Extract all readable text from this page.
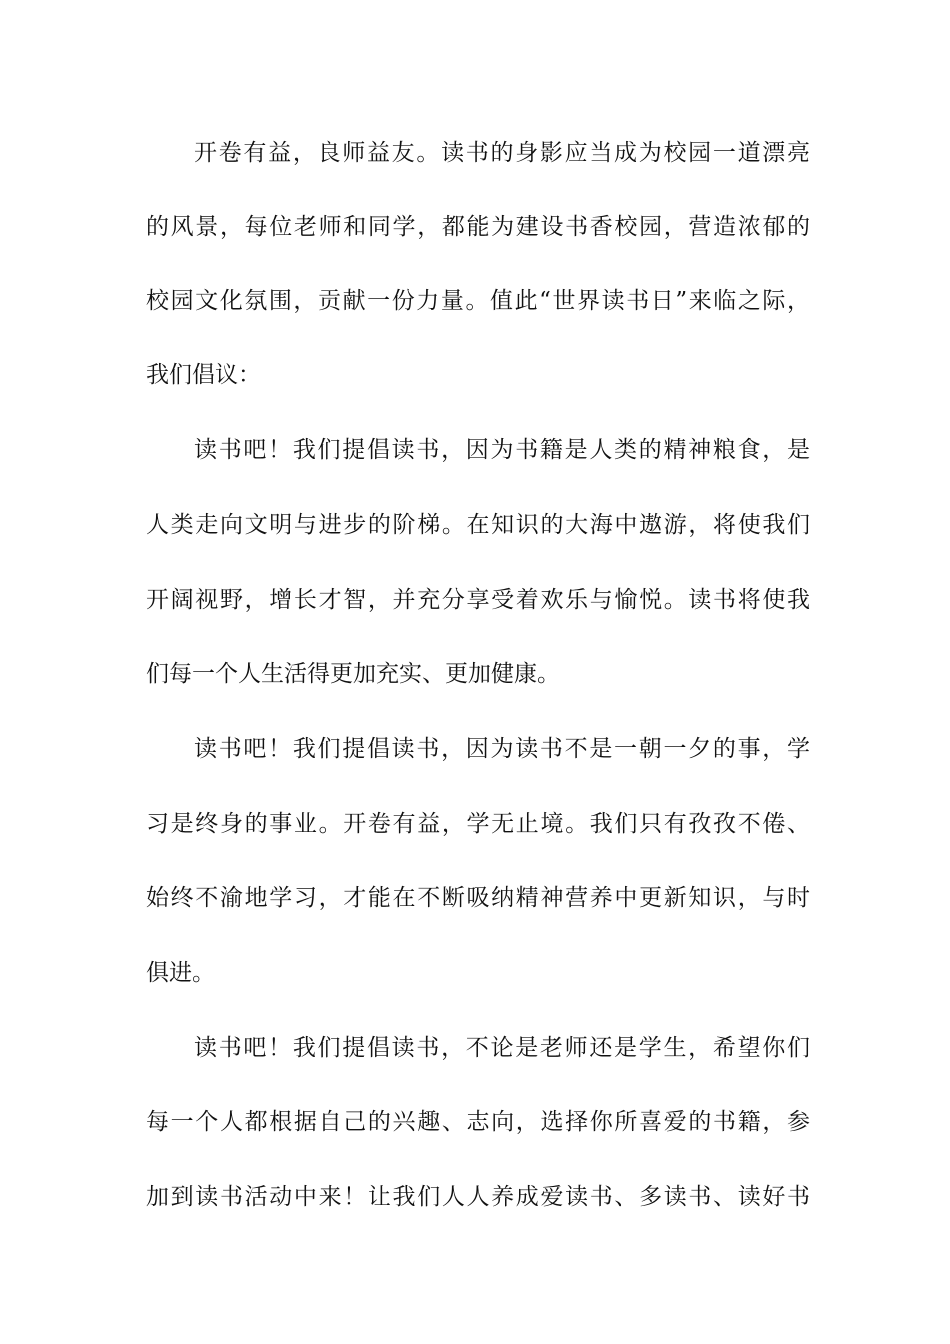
开卷有益，良师益友。读书的身影应当成为校园一道漂亮
的风景，每位老师和同学，都能为建设书香校园，营造浓郁的
校园文化氛围，贡献一份力量。值此“世界读书日”来临之际，
我们倡议：
读书吧！我们提倡读书，因为书籍是人类的精神粮食，是
人类走向文明与进步的阶梯。在知识的大海中遨游，将使我们
开阔视野，增长才智，并充分享受着欢乐与愉悦。读书将使我
们每一个人生活得更加充实、更加健康。
读书吧！我们提倡读书，因为读书不是一朝一夕的事，学
习是终身的事业。开卷有益，学无止境。我们只有孜孜不倦、
始终不渝地学习，才能在不断吸纳精神营养中更新知识，与时
俱进。
读书吧！我们提倡读书，不论是老师还是学生，希望你们
每一个人都根据自己的兴趣、志向，选择你所喜爱的书籍，参
加到读书活动中来！让我们人人养成爱读书、多读书、读好书
